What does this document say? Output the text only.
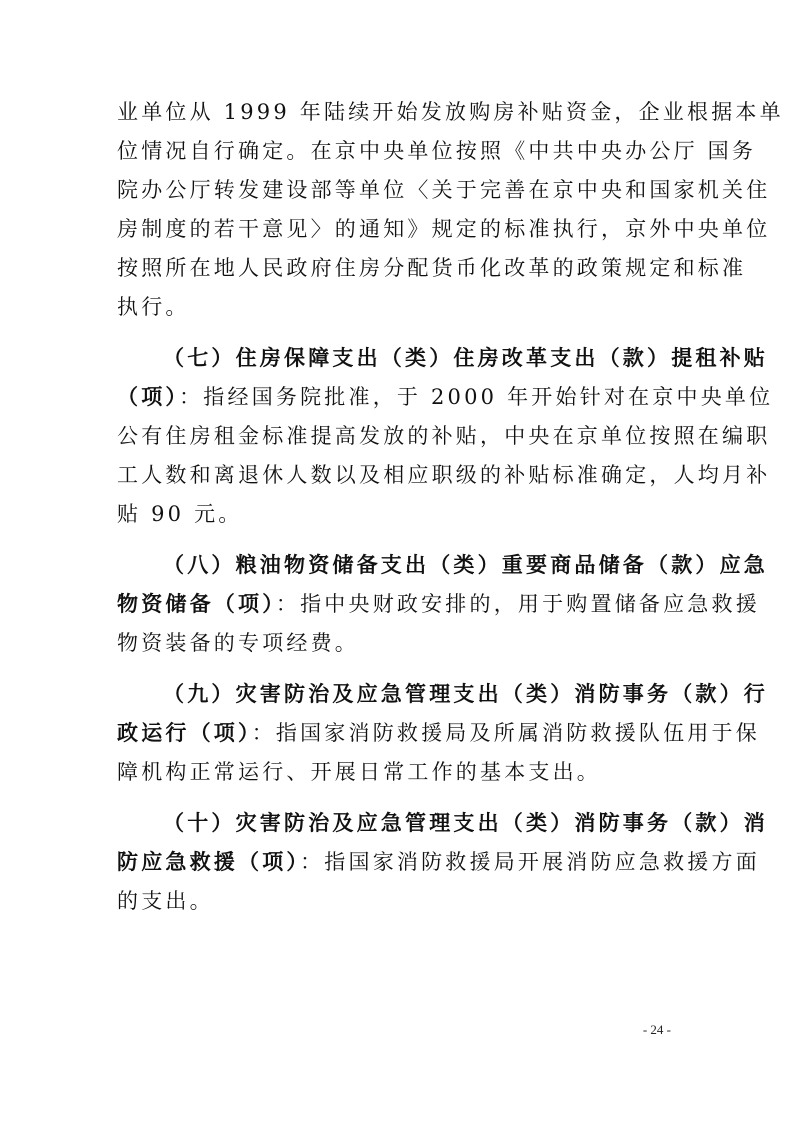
业单位从 1999 年陆续开始发放购房补贴资金，企业根据本单
位情况自行确定。在京中央单位按照《中共中央办公厅 国务
院办公厅转发建设部等单位〈关于完善在京中央和国家机关住
房制度的若干意见〉的通知》规定的标准执行，京外中央单位
按照所在地人民政府住房分配货币化改革的政策规定和标准
执行。
（七）住房保障支出（类）住房改革支出（款）提租补贴
（项）：指经国务院批准，于 2000 年开始针对在京中央单位
公有住房租金标准提高发放的补贴，中央在京单位按照在编职
工人数和离退休人数以及相应职级的补贴标准确定，人均月补
贴 90 元。
（八）粮油物资储备支出（类）重要商品储备（款）应急
物资储备（项）：指中央财政安排的，用于购置储备应急救援
物资装备的专项经费。
（九）灾害防治及应急管理支出（类）消防事务（款）行
政运行（项）：指国家消防救援局及所属消防救援队伍用于保
障机构正常运行、开展日常工作的基本支出。
（十）灾害防治及应急管理支出（类）消防事务（款）消
防应急救援（项）：指国家消防救援局开展消防应急救援方面
的支出。
- 24 -
